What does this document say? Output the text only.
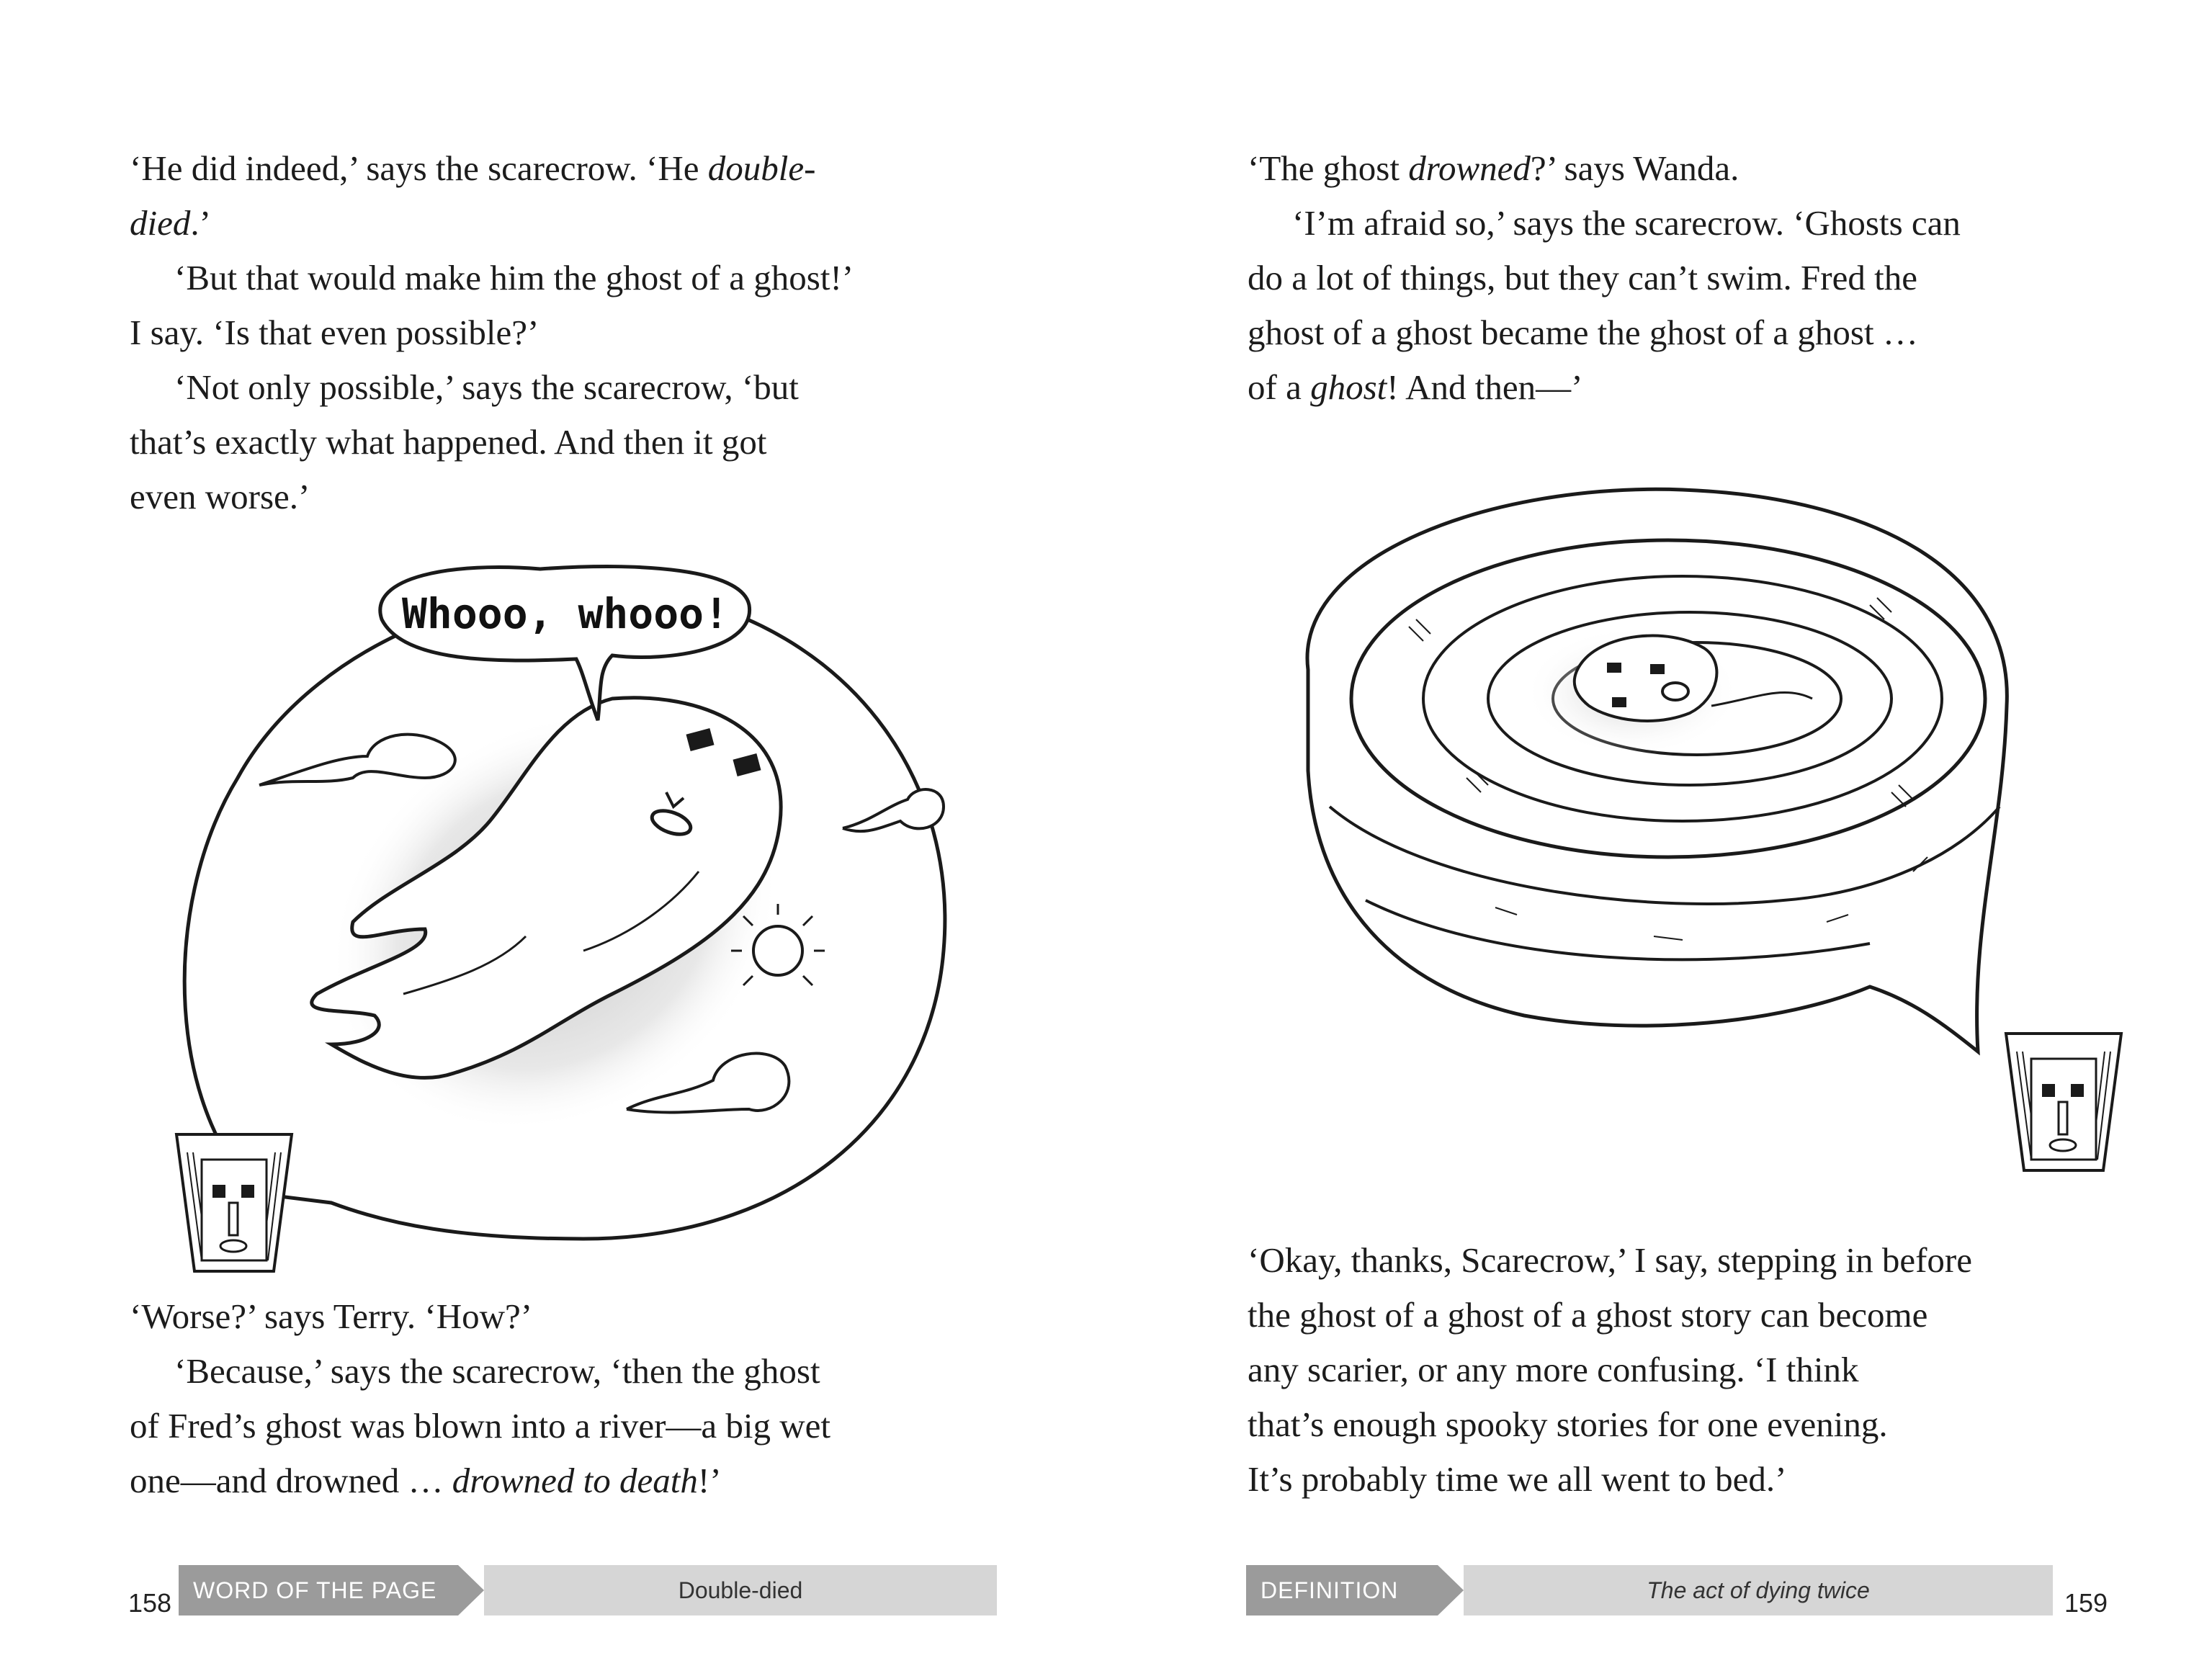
‘He did indeed,’ says the scarecrow. ‘He double-
died.’
‘But that would make him the ghost of a ghost!’
I say. ‘Is that even possible?’
‘Not only possible,’ says the scarecrow, ‘but
that’s exactly what happened. And then it got
even worse.’
Whooo, whooo!
‘Worse?’ says Terry. ‘How?’
‘Because,’ says the scarecrow, ‘then the ghost
of Fred’s ghost was blown into a river—a big wet
one—and drowned … drowned to death!’
158 WORD OF THE PAGE	Double-died
‘The ghost drowned?’ says Wanda.
‘I’m afraid so,’ says the scarecrow. ‘Ghosts can
do a lot of things, but they can’t swim. Fred the
ghost of a ghost became the ghost of a ghost …
of a ghost! And then—’
‘Okay, thanks, Scarecrow,’ I say, stepping in before
the ghost of a ghost of a ghost story can become
any scarier, or any more confusing. ‘I think
that’s enough spooky stories for one evening.
It’s probably time we all went to bed.’
DEFINITION	The act of dying twice	159
